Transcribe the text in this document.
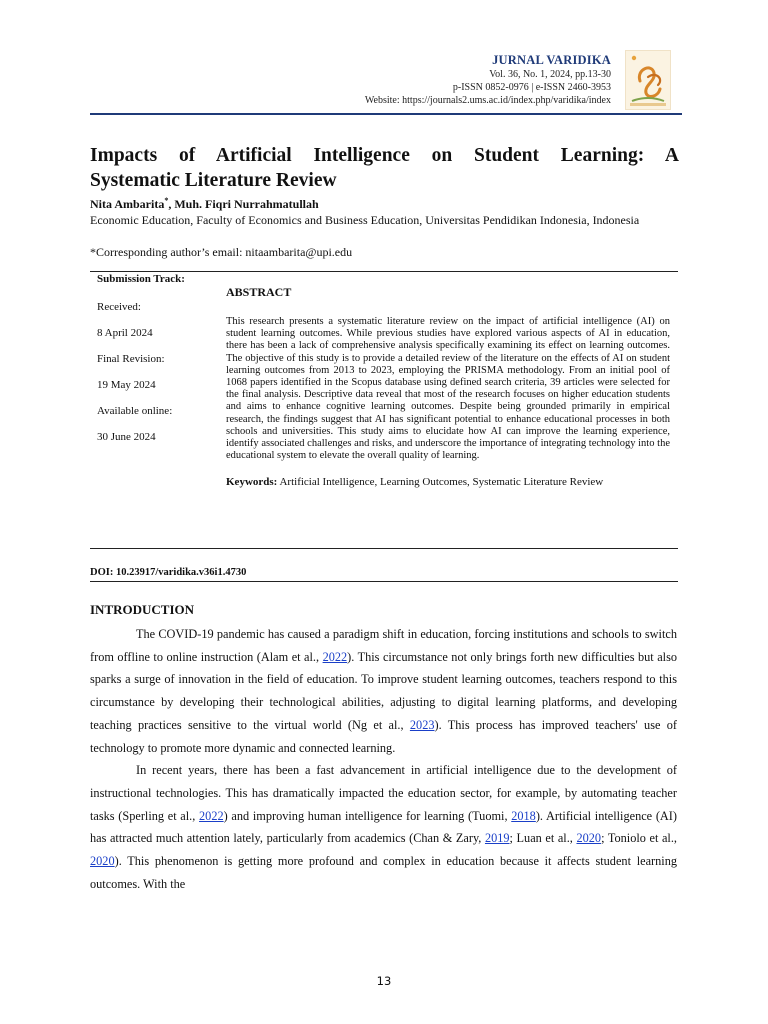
JURNAL VARIDIKA
Vol. 36, No. 1, 2024, pp.13-30
p-ISSN 0852-0976 | e-ISSN 2460-3953
Website: https://journals2.ums.ac.id/index.php/varidika/index
Impacts of Artificial Intelligence on Student Learning: A
Systematic Literature Review
Nita Ambarita*, Muh. Fiqri Nurrahmatullah
Economic Education, Faculty of Economics and Business Education, Universitas Pendidikan Indonesia, Indonesia
*Corresponding author’s email: nitaambarita@upi.edu
Submission Track:
Received:
8 April 2024
Final Revision:
19 May 2024
Available online:
30 June 2024
ABSTRACT
This research presents a systematic literature review on the impact of artificial intelligence (AI) on student learning outcomes. While previous studies have explored various aspects of AI in education, there has been a lack of comprehensive analysis specifically examining its effect on learning outcomes. The objective of this study is to provide a detailed review of the literature on the effects of AI on student learning outcomes from 2013 to 2023, employing the PRISMA methodology. From an initial pool of 1068 papers identified in the Scopus database using defined search criteria, 39 articles were selected for the final analysis. Descriptive data reveal that most of the research focuses on higher education students and aims to enhance cognitive learning outcomes. Despite being grounded primarily in empirical research, the findings suggest that AI has significant potential to enhance educational processes in both schools and universities. This study aims to elucidate how AI can improve the learning experience, identify associated challenges and risks, and underscore the importance of integrating technology into the educational system to elevate the overall quality of learning.
Keywords: Artificial Intelligence, Learning Outcomes, Systematic Literature Review
DOI: 10.23917/varidika.v36i1.4730
INTRODUCTION

The COVID-19 pandemic has caused a paradigm shift in education, forcing institutions and schools to switch from offline to online instruction (Alam et al., 2022). This circumstance not only brings forth new difficulties but also sparks a surge of innovation in the field of education. To improve student learning outcomes, teachers respond to this circumstance by developing their technological abilities, adjusting to digital learning platforms, and developing teaching practices sensitive to the virtual world (Ng et al., 2023). This process has improved teachers' use of technology to promote more dynamic and connected learning.

In recent years, there has been a fast advancement in artificial intelligence due to the development of instructional technologies. This has dramatically impacted the education sector, for example, by automating teacher tasks (Sperling et al., 2022) and improving human intelligence for learning (Tuomi, 2018). Artificial intelligence (AI) has attracted much attention lately, particularly from academics (Chan & Zary, 2019; Luan et al., 2020; Toniolo et al., 2020). This phenomenon is getting more profound and complex in education because it affects student learning outcomes. With the

13
